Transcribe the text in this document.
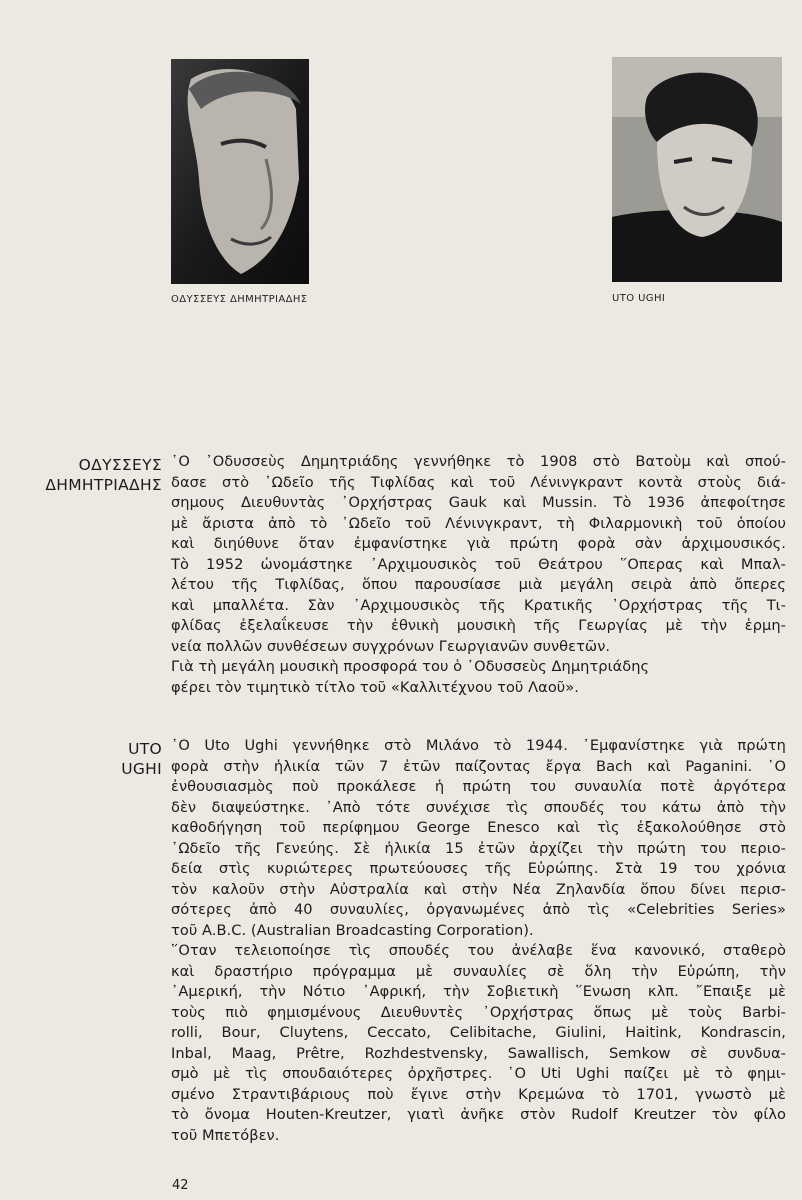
ΟΔΥΣΣΕΥΣ ΔΗΜΗΤΡΙΑΔΗΣ	UTO UGHI
ΟΔΥΣΣΕΥΣ
ΔΗΜΗΤΡΙΑΔΗΣ
῾Ο ᾿Οδυσσεὺς Δημητριάδης γεννήθηκε τὸ 1908 στὸ Βατοὺμ καὶ σπού-
δασε στὸ ᾿Ωδεῖο τῆς Τιφλίδας καὶ τοῦ Λένινγκραντ κοντὰ στοὺς διά-
σημους Διευθυντὰς ᾿Ορχήστρας Gauk καὶ Mussin. Τὸ 1936 ἀπεφοίτησε
μὲ ἄριστα ἀπὸ τὸ ᾿Ωδεῖο τοῦ Λένινγκραντ, τὴ Φιλαρμονικὴ τοῦ ὁποίου
καὶ διηύθυνε ὅταν ἐμφανίστηκε γιὰ πρώτη φορὰ σὰν ἀρχιμουσικός.
Τὸ 1952 ὠνομάστηκε ᾿Αρχιμουσικὸς τοῦ Θεάτρου ῞Οπερας καὶ Μπαλ-
λέτου τῆς Τιφλίδας, ὅπου παρουσίασε μιὰ μεγάλη σειρὰ ἀπὸ ὄπερες
καὶ μπαλλέτα. Σὰν ᾿Αρχιμουσικὸς τῆς Κρατικῆς ᾿Ορχήστρας τῆς Τι-
φλίδας ἐξελαΐκευσε τὴν ἐθνικὴ μουσικὴ τῆς Γεωργίας μὲ τὴν ἑρμη-
νεία πολλῶν συνθέσεων συγχρόνων Γεωργιανῶν συνθετῶν.
Γιὰ τὴ μεγάλη μουσικὴ προσφορά του ὁ ᾿Οδυσσεὺς Δημητριάδης
φέρει τὸν τιμητικὸ τίτλο τοῦ «Καλλιτέχνου τοῦ Λαοῦ».
UTO
UGHI
῾Ο Uto Ughi γεννήθηκε στὸ Μιλάνο τὸ 1944. ᾿Εμφανίστηκε γιὰ πρώτη
φορὰ στὴν ἡλικία τῶν 7 ἐτῶν παίζοντας ἔργα Bach καὶ Paganini. ῾Ο
ἐνθουσιασμὸς ποὺ προκάλεσε ἡ πρώτη του συναυλία ποτὲ ἀργότερα
δὲν διαψεύστηκε. ᾿Απὸ τότε συνέχισε τὶς σπουδές του κάτω ἀπὸ τὴν
καθοδήγηση τοῦ περίφημου George Enesco καὶ τὶς ἐξακολούθησε στὸ
᾿Ωδεῖο τῆς Γενεύης. Σὲ ἡλικία 15 ἐτῶν ἀρχίζει τὴν πρώτη του περιο-
δεία στὶς κυριώτερες πρωτεύουσες τῆς Εὐρώπης. Στὰ 19 του χρόνια
τὸν καλοῦν στὴν Αὐστραλία καὶ στὴν Νέα Ζηλανδία ὅπου δίνει περισ-
σότερες ἀπὸ 40 συναυλίες, ὀργανωμένες ἀπὸ τὶς «Celebrities Series»
τοῦ A.B.C. (Australian Broadcasting Corporation).
῞Οταν τελειοποίησε τὶς σπουδές του ἀνέλαβε ἕνα κανονικό, σταθερὸ
καὶ δραστήριο πρόγραμμα μὲ συναυλίες σὲ ὅλη τὴν Εὐρώπη, τὴν
᾿Αμερική, τὴν Νότιο ᾿Αφρική, τὴν Σοβιετικὴ ῞Ενωση κλπ. ῎Επαιξε μὲ
τοὺς πιὸ φημισμένους Διευθυντὲς ᾿Ορχήστρας ὅπως μὲ τοὺς Barbi-
rolli, Bour, Cluytens, Ceccato, Celibitache, Giulini, Haitink, Kondrascin,
Inbal, Maag, Prêtre, Rozhdestvensky, Sawallisch, Semkow σὲ συνδυα-
σμὸ μὲ τὶς σπουδαιότερες ὀρχῆστρες. ῾Ο Uti Ughi παίζει μὲ τὸ φημι-
σμένο Στραντιβάριους ποὺ ἔγινε στὴν Κρεμώνα τὸ 1701, γνωστὸ μὲ
τὸ ὄνομα Houten-Kreutzer, γιατὶ ἀνῆκε στὸν Rudolf Kreutzer τὸν φίλο
τοῦ Μπετόβεν.
42
